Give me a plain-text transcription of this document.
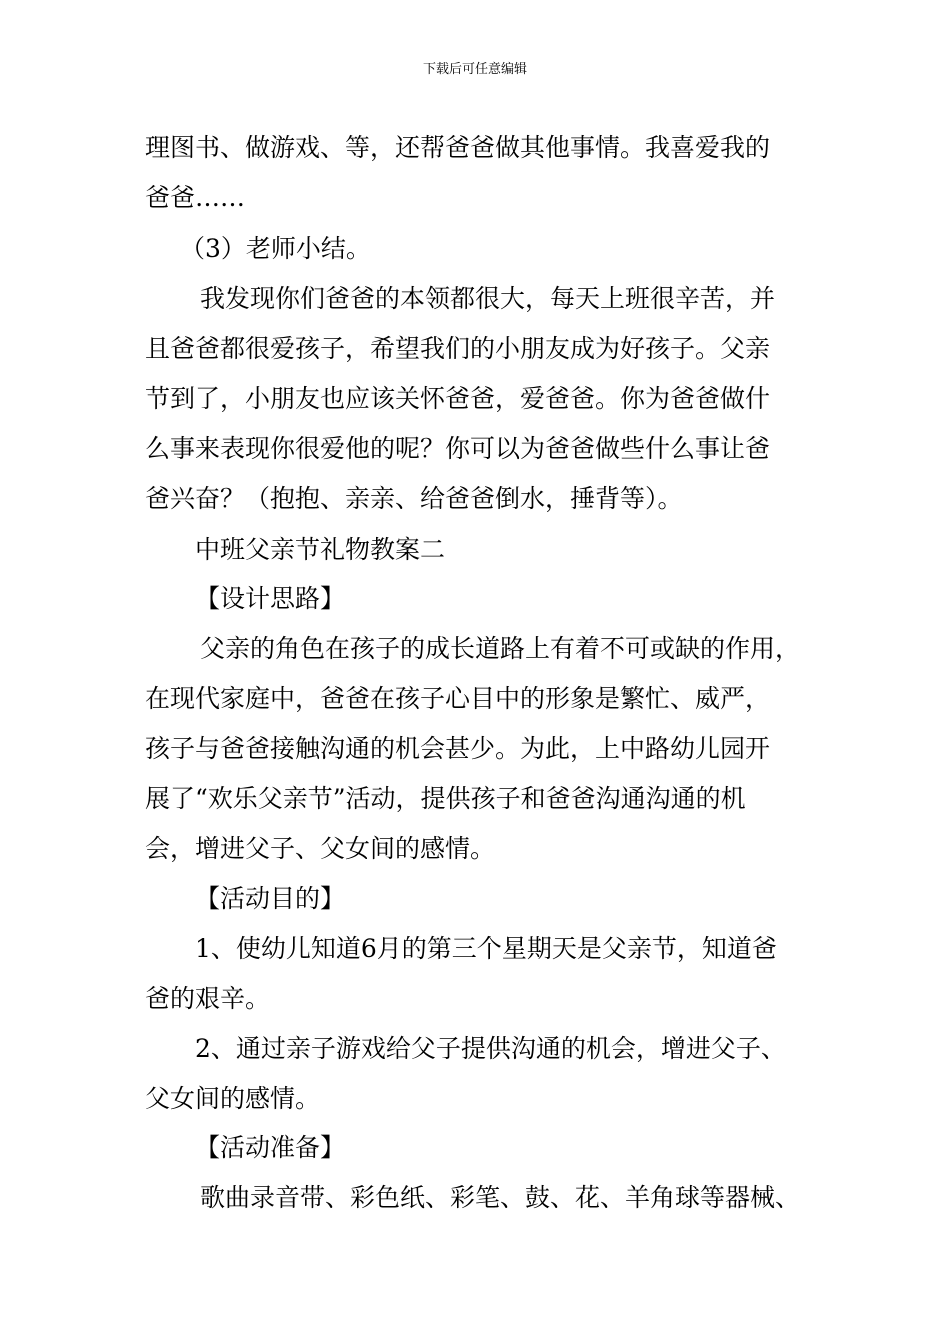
下载后可任意编辑
理图书、做游戏、等，还帮爸爸做其他事情。我喜爱我的
爸爸……
（3）老师小结。
我发现你们爸爸的本领都很大，每天上班很辛苦，并
且爸爸都很爱孩子，希望我们的小朋友成为好孩子。父亲
节到了，小朋友也应该关怀爸爸，爱爸爸。你为爸爸做什
么事来表现你很爱他的呢？你可以为爸爸做些什么事让爸
爸兴奋？（抱抱、亲亲、给爸爸倒水，捶背等）。
中班父亲节礼物教案二
【设计思路】
父亲的角色在孩子的成长道路上有着不可或缺的作用，
在现代家庭中，爸爸在孩子心目中的形象是繁忙、威严，
孩子与爸爸接触沟通的机会甚少。为此，上中路幼儿园开
展了“欢乐父亲节”活动，提供孩子和爸爸沟通沟通的机
会，增进父子、父女间的感情。
【活动目的】
1、使幼儿知道6月的第三个星期天是父亲节，知道爸
爸的艰辛。
2、通过亲子游戏给父子提供沟通的机会，增进父子、
父女间的感情。
【活动准备】
歌曲录音带、彩色纸、彩笔、鼓、花、羊角球等器械、
